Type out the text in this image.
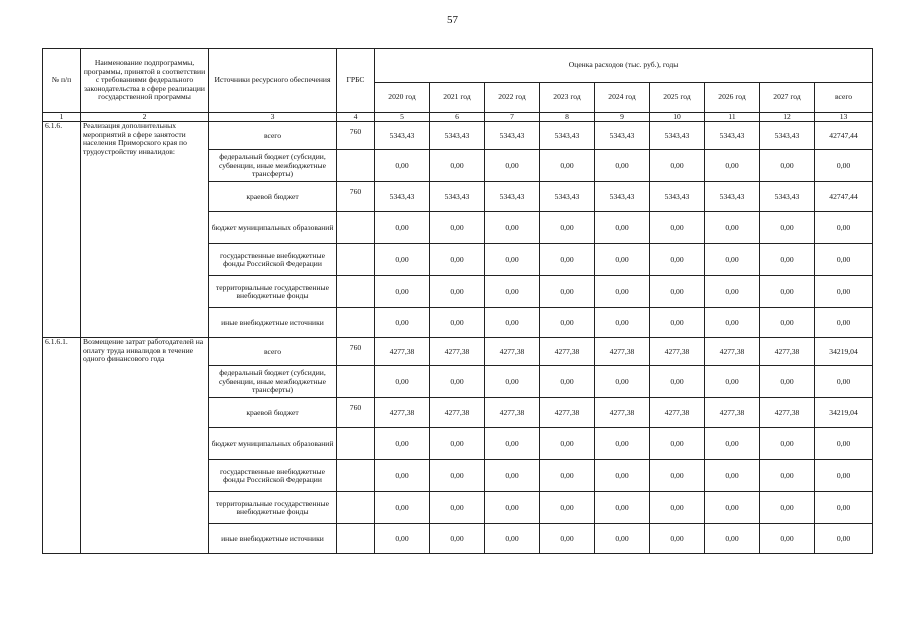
57
№ п/п	Наименование подпрограммы, программы, принятой в соответствии с требованиями федерального законодательства в сфере реализации государственной программы	Источники ресурсного обеспечения	ГРБС	Оценка расходов (тыс. руб.), годы								
				2020 год	2021 год	2022 год	2023 год	2024 год	2025 год	2026 год	2027 год	всего
1	2	3	4	5	6	7	8	9	10	11	12	13
6.1.6.	Реализация дополнительных мероприятий в сфере занятости населения Приморского края по трудоустройству инвалидов:	всего	760	5343,43	5343,43	5343,43	5343,43	5343,43	5343,43	5343,43	5343,43	42747,44
		федеральный бюджет (субсидии, субвенции, иные межбюджетные трансферты)		0,00	0,00	0,00	0,00	0,00	0,00	0,00	0,00	0,00
		краевой бюджет	760	5343,43	5343,43	5343,43	5343,43	5343,43	5343,43	5343,43	5343,43	42747,44
		бюджет муниципальных образований		0,00	0,00	0,00	0,00	0,00	0,00	0,00	0,00	0,00
		государственные внебюджетные фонды Российской Федерации		0,00	0,00	0,00	0,00	0,00	0,00	0,00	0,00	0,00
		территориальные государственные внебюджетные фонды		0,00	0,00	0,00	0,00	0,00	0,00	0,00	0,00	0,00
		иные внебюджетные источники		0,00	0,00	0,00	0,00	0,00	0,00	0,00	0,00	0,00
6.1.6.1.	Возмещение затрат работодателей на оплату труда инвалидов в течение одного финансового года	всего	760	4277,38	4277,38	4277,38	4277,38	4277,38	4277,38	4277,38	4277,38	34219,04
		федеральный бюджет (субсидии, субвенции, иные межбюджетные трансферты)		0,00	0,00	0,00	0,00	0,00	0,00	0,00	0,00	0,00
		краевой бюджет	760	4277,38	4277,38	4277,38	4277,38	4277,38	4277,38	4277,38	4277,38	34219,04
		бюджет муниципальных образований		0,00	0,00	0,00	0,00	0,00	0,00	0,00	0,00	0,00
		государственные внебюджетные фонды Российской Федерации		0,00	0,00	0,00	0,00	0,00	0,00	0,00	0,00	0,00
		территориальные государственные внебюджетные фонды		0,00	0,00	0,00	0,00	0,00	0,00	0,00	0,00	0,00
		иные внебюджетные источники		0,00	0,00	0,00	0,00	0,00	0,00	0,00	0,00	0,00
